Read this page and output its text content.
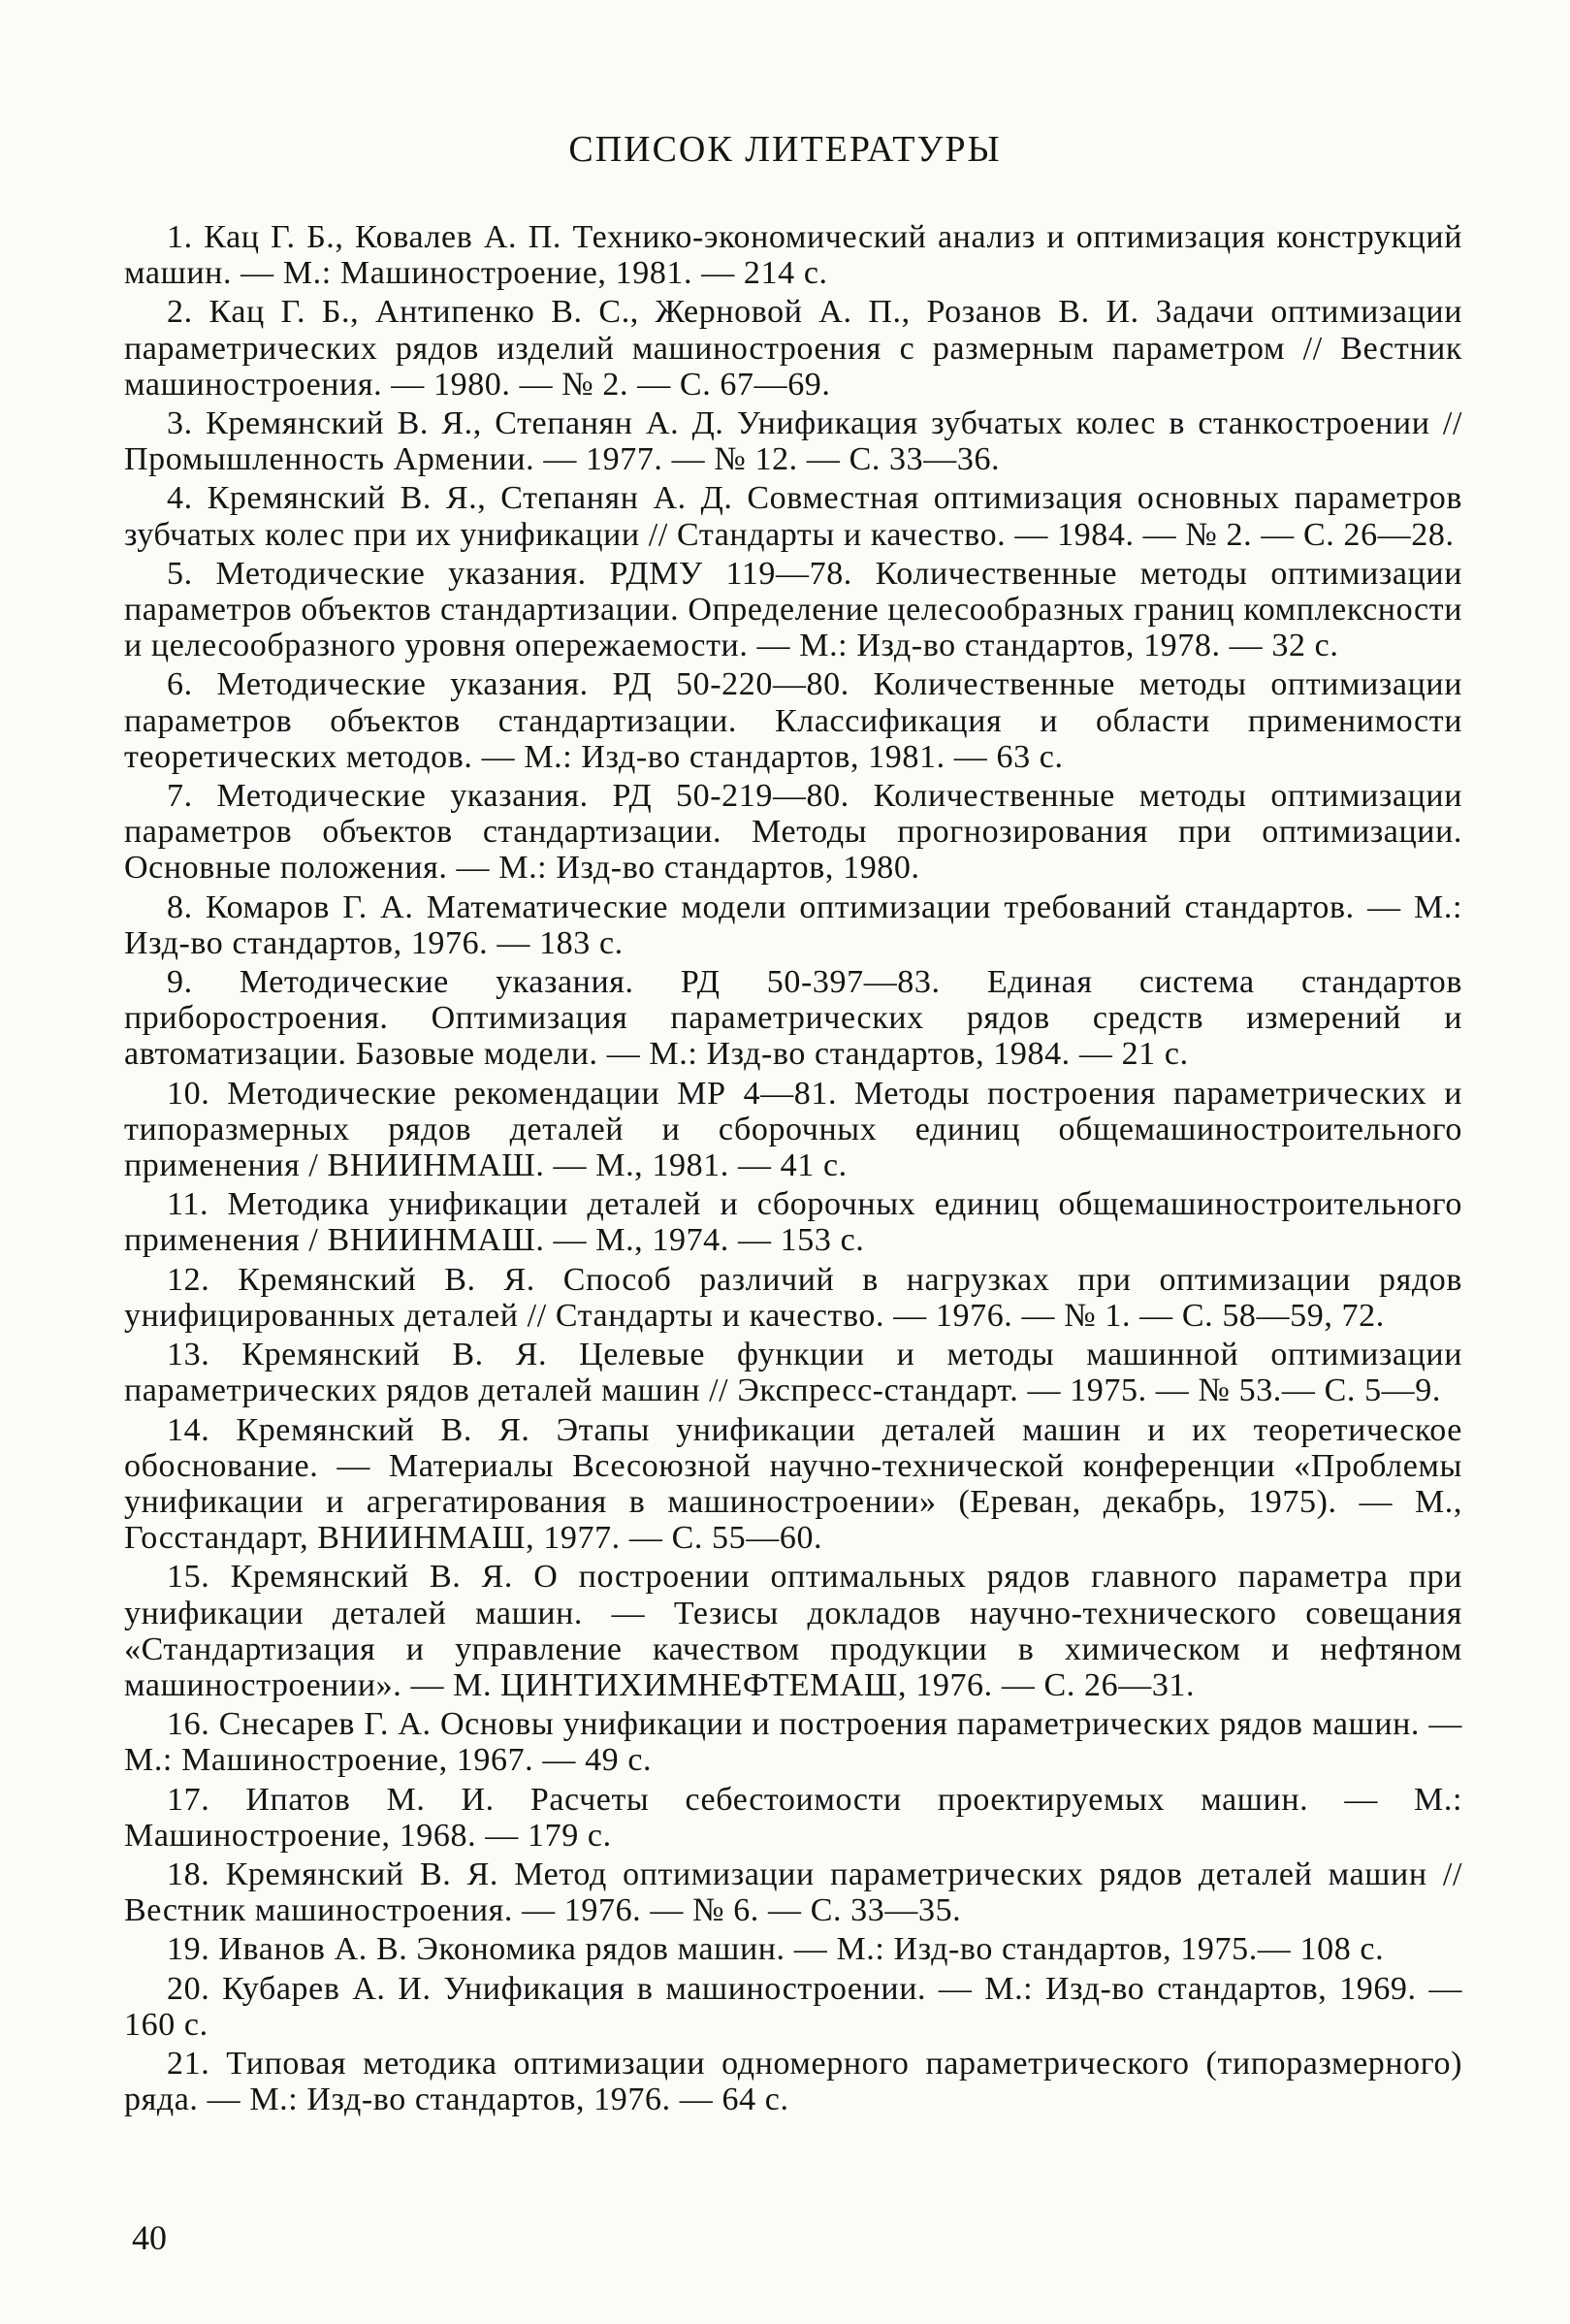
СПИСОК ЛИТЕРАТУРЫ

1. Кац Г. Б., Ковалев А. П. Технико-экономический анализ и оптимизация конструкций машин. — М.: Машиностроение, 1981. — 214 с.

2. Кац Г. Б., Антипенко В. С., Жерновой А. П., Розанов В. И. Задачи оптимизации параметрических рядов изделий машиностроения с размерным параметром // Вестник машиностроения. — 1980. — № 2. — С. 67—69.

3. Кремянский В. Я., Степанян А. Д. Унификация зубчатых колес в станкостроении // Промышленность Армении. — 1977. — № 12. — С. 33—36.

4. Кремянский В. Я., Степанян А. Д. Совместная оптимизация основных параметров зубчатых колес при их унификации // Стандарты и качество. — 1984. — № 2. — С. 26—28.

5. Методические указания. РДМУ 119—78. Количественные методы оптимизации параметров объектов стандартизации. Определение целесообразных границ комплексности и целесообразного уровня опережаемости. — М.: Изд-во стандартов, 1978. — 32 с.

6. Методические указания. РД 50-220—80. Количественные методы оптимизации параметров объектов стандартизации. Классификация и области применимости теоретических методов. — М.: Изд-во стандартов, 1981. — 63 с.

7. Методические указания. РД 50-219—80. Количественные методы оптимизации параметров объектов стандартизации. Методы прогнозирования при оптимизации. Основные положения. — М.: Изд-во стандартов, 1980.

8. Комаров Г. А. Математические модели оптимизации требований стандартов. — М.: Изд-во стандартов, 1976. — 183 с.

9. Методические указания. РД 50-397—83. Единая система стандартов приборостроения. Оптимизация параметрических рядов средств измерений и автоматизации. Базовые модели. — М.: Изд-во стандартов, 1984. — 21 с.

10. Методические рекомендации МР 4—81. Методы построения параметрических и типоразмерных рядов деталей и сборочных единиц общемашиностроительного применения / ВНИИНМАШ. — М., 1981. — 41 с.

11. Методика унификации деталей и сборочных единиц общемашиностроительного применения / ВНИИНМАШ. — М., 1974. — 153 с.

12. Кремянский В. Я. Способ различий в нагрузках при оптимизации рядов унифицированных деталей // Стандарты и качество. — 1976. — № 1. — С. 58—59, 72.

13. Кремянский В. Я. Целевые функции и методы машинной оптимизации параметрических рядов деталей машин // Экспресс-стандарт. — 1975. — № 53.— С. 5—9.

14. Кремянский В. Я. Этапы унификации деталей машин и их теоретическое обоснование. — Материалы Всесоюзной научно-технической конференции «Проблемы унификации и агрегатирования в машиностроении» (Ереван, декабрь, 1975). — М., Госстандарт, ВНИИНМАШ, 1977. — С. 55—60.

15. Кремянский В. Я. О построении оптимальных рядов главного параметра при унификации деталей машин. — Тезисы докладов научно-технического совещания «Стандартизация и управление качеством продукции в химическом и нефтяном машиностроении». — М. ЦИНТИХИМНЕФТЕМАШ, 1976. — С. 26—31.

16. Снесарев Г. А. Основы унификации и построения параметрических рядов машин. — М.: Машиностроение, 1967. — 49 с.

17. Ипатов М. И. Расчеты себестоимости проектируемых машин. — М.: Машиностроение, 1968. — 179 с.

18. Кремянский В. Я. Метод оптимизации параметрических рядов деталей машин // Вестник машиностроения. — 1976. — № 6. — С. 33—35.

19. Иванов А. В. Экономика рядов машин. — М.: Изд-во стандартов, 1975.— 108 с.

20. Кубарев А. И. Унификация в машиностроении. — М.: Изд-во стандартов, 1969. — 160 с.

21. Типовая методика оптимизации одномерного параметрического (типоразмерного) ряда. — М.: Изд-во стандартов, 1976. — 64 с.

40
